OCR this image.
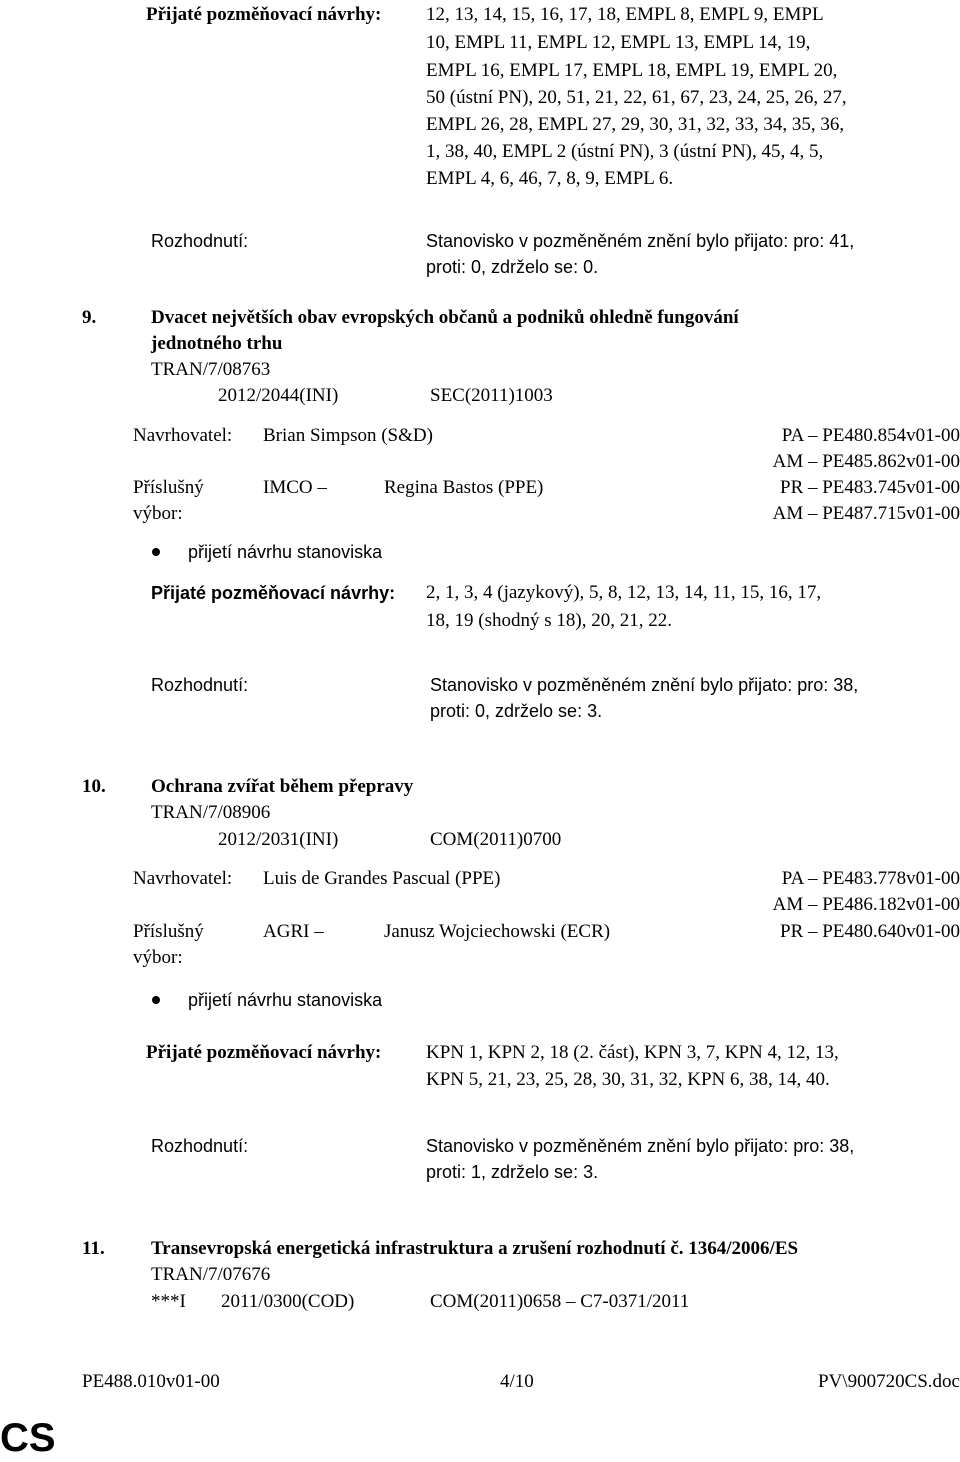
Přijaté pozměňovací návrhy: 12, 13, 14, 15, 16, 17, 18, EMPL 8, EMPL 9, EMPL
10, EMPL 11, EMPL 12, EMPL 13, EMPL 14, 19,
EMPL 16, EMPL 17, EMPL 18, EMPL 19, EMPL 20,
50 (ústní PN), 20, 51, 21, 22, 61, 67, 23, 24, 25, 26, 27,
EMPL 26, 28, EMPL 27, 29, 30, 31, 32, 33, 34, 35, 36,
1, 38, 40, EMPL 2 (ústní PN), 3 (ústní PN), 45, 4, 5,
EMPL 4, 6, 46, 7, 8, 9, EMPL 6.
Rozhodnutí:	Stanovisko v pozměněném znění bylo přijato: pro: 41,
proti: 0, zdrželo se: 0.
9.	Dvacet největších obav evropských občanů a podniků ohledně fungování
jednotného trhu
TRAN/7/08763
2012/2044(INI)	SEC(2011)1003
Navrhovatel: Brian Simpson (S&D)	PA – PE480.854v01-00
AM – PE485.862v01-00
Příslušný
výbor:
IMCO –	Regina Bastos (PPE)	PR – PE483.745v01-00
AM – PE487.715v01-00
přijetí návrhu stanoviska
Přijaté pozměňovací návrhy: 2, 1, 3, 4 (jazykový), 5, 8, 12, 13, 14, 11, 15, 16, 17,
18, 19 (shodný s 18), 20, 21, 22.
Rozhodnutí:	Stanovisko v pozměněném znění bylo přijato: pro: 38,
proti: 0, zdrželo se: 3.
10. Ochrana zvířat během přepravy
TRAN/7/08906
2012/2031(INI)	COM(2011)0700
Navrhovatel: Luis de Grandes Pascual (PPE)	PA – PE483.778v01-00
AM – PE486.182v01-00
Příslušný
výbor:
AGRI –	Janusz Wojciechowski (ECR)	PR – PE480.640v01-00
přijetí návrhu stanoviska
Přijaté pozměňovací návrhy: KPN 1, KPN 2, 18 (2. část), KPN 3, 7, KPN 4, 12, 13,
KPN 5, 21, 23, 25, 28, 30, 31, 32, KPN 6, 38, 14, 40.
Rozhodnutí:	Stanovisko v pozměněném znění bylo přijato: pro: 38,
proti: 1, zdrželo se: 3.
11. Transevropská energetická infrastruktura a zrušení rozhodnutí č. 1364/2006/ES
TRAN/7/07676
***I 2011/0300(COD)	COM(2011)0658 – C7-0371/2011
PE488.010v01-00	4/10	PV\900720CS.doc
CS
